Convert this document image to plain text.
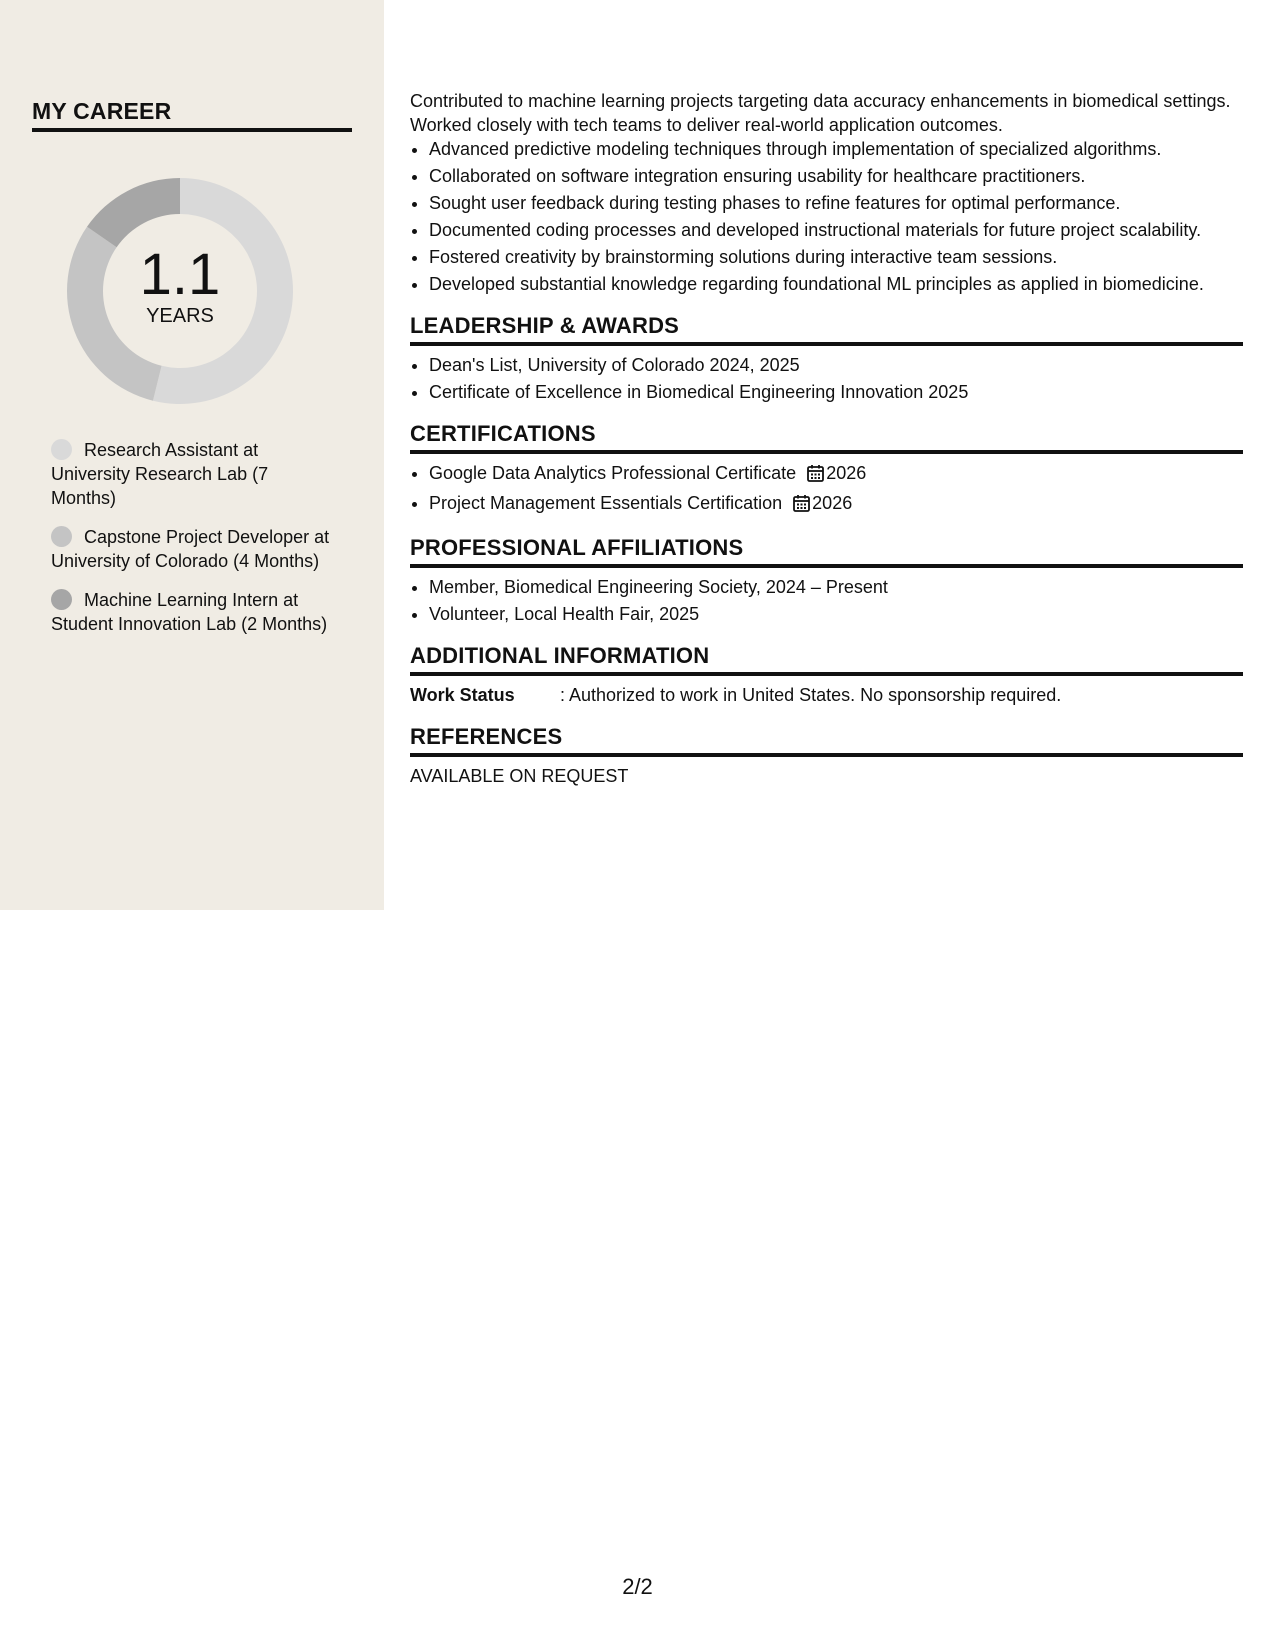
MY CAREER
1.1
YEARS
Research Assistant at University Research Lab (7 Months)
Capstone Project Developer at University of Colorado (4 Months)
Machine Learning Intern at Student Innovation Lab (2 Months)

Contributed to machine learning projects targeting data accuracy enhancements in biomedical settings. Worked closely with tech teams to deliver real-world application outcomes.

• Advanced predictive modeling techniques through implementation of specialized algorithms.
• Collaborated on software integration ensuring usability for healthcare practitioners.
• Sought user feedback during testing phases to refine features for optimal performance.
• Documented coding processes and developed instructional materials for future project scalability.
• Fostered creativity by brainstorming solutions during interactive team sessions.
• Developed substantial knowledge regarding foundational ML principles as applied in biomedicine.
LEADERSHIP & AWARDS
• Dean's List, University of Colorado 2024, 2025
• Certificate of Excellence in Biomedical Engineering Innovation 2025
CERTIFICATIONS
• Google Data Analytics Professional Certificate 2026
• Project Management Essentials Certification 2026
PROFESSIONAL AFFILIATIONS
• Member, Biomedical Engineering Society, 2024 – Present
• Volunteer, Local Health Fair, 2025
ADDITIONAL INFORMATION
Work Status	: Authorized to work in United States. No sponsorship required.
REFERENCES
AVAILABLE ON REQUEST
2/2
